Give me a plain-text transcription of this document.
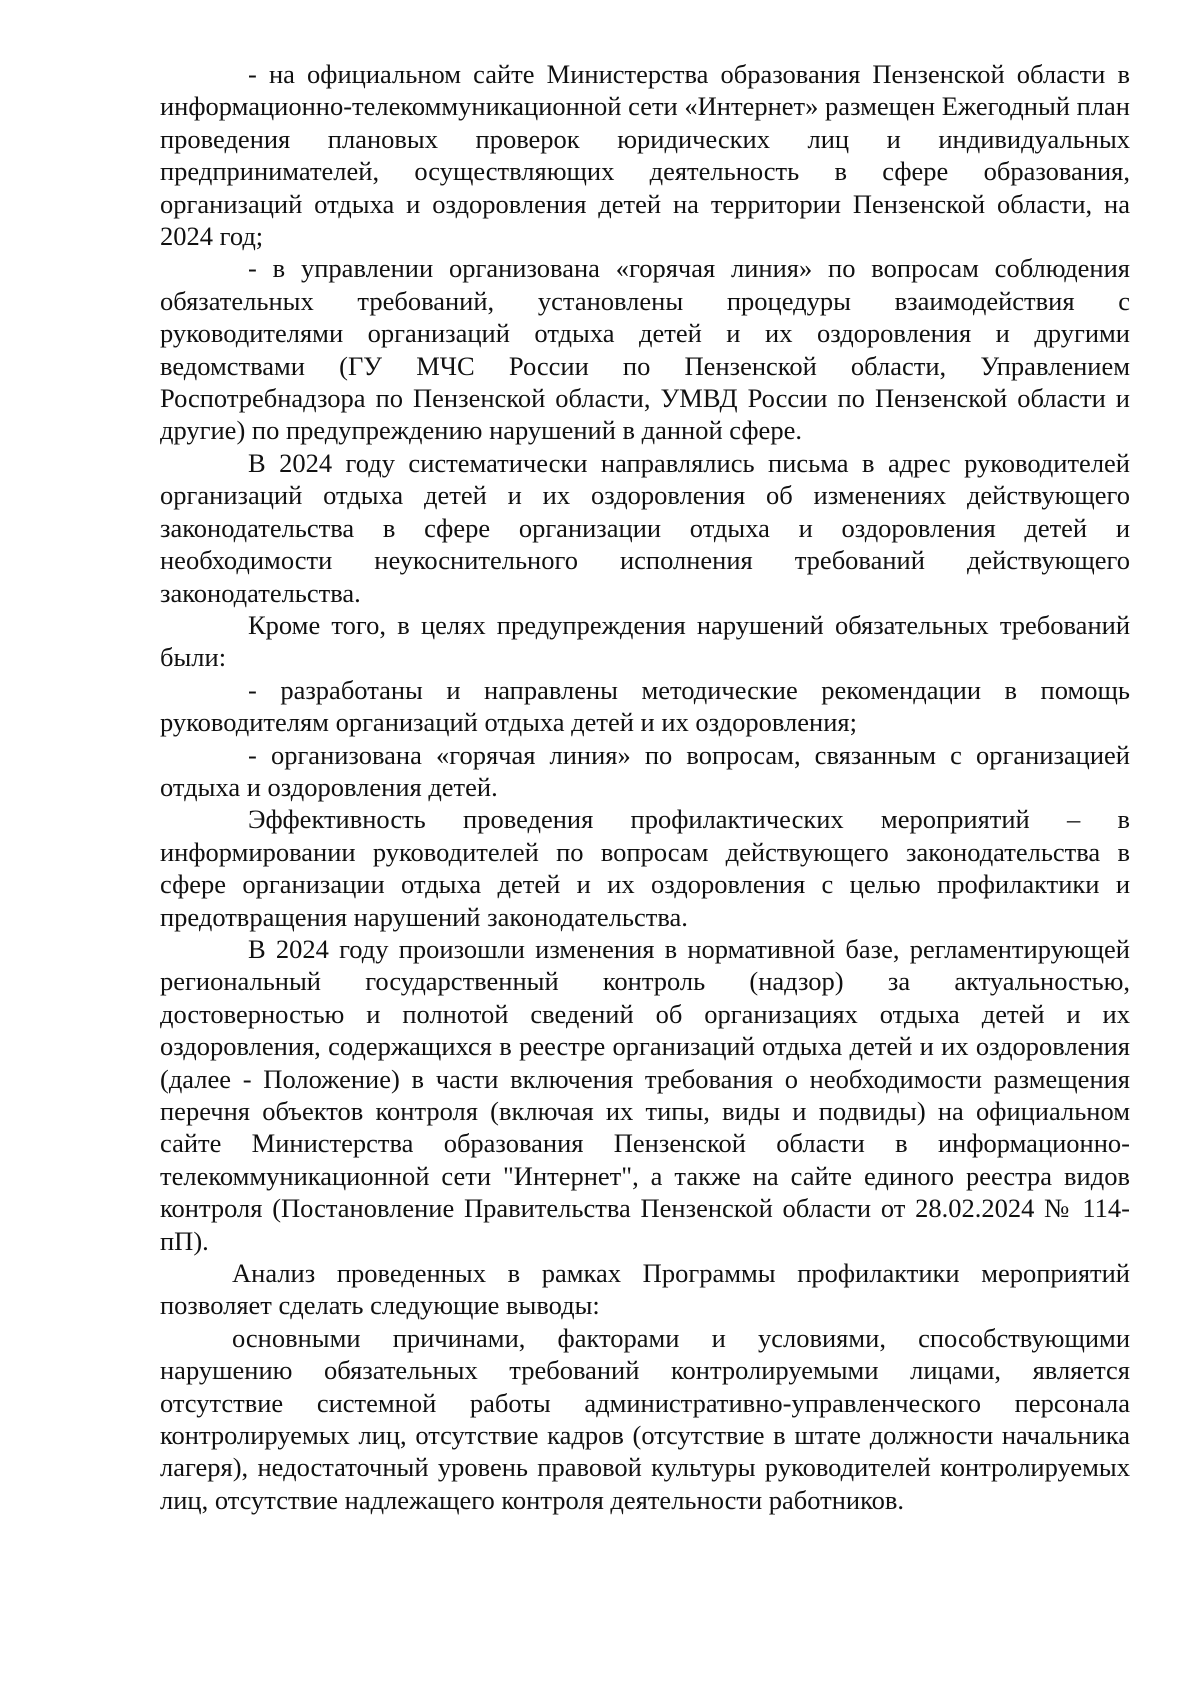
- на официальном сайте Министерства образования Пензенской области в информационно-телекоммуникационной сети «Интернет» размещен Ежегодный план проведения плановых проверок юридических лиц и индивидуальных предпринимателей, осуществляющих деятельность в сфере образования, организаций отдыха и оздоровления детей на территории Пензенской области, на 2024 год;

- в управлении организована «горячая линия» по вопросам соблюдения обязательных требований, установлены процедуры взаимодействия с руководителями организаций отдыха детей и их оздоровления и другими ведомствами (ГУ МЧС России по Пензенской области, Управлением Роспотребнадзора по Пензенской области, УМВД России по Пензенской области и другие) по предупреждению нарушений в данной сфере.

В 2024 году систематически направлялись письма в адрес руководителей организаций отдыха детей и их оздоровления об изменениях действующего законодательства в сфере организации отдыха и оздоровления детей и необходимости неукоснительного исполнения требований действующего законодательства.

Кроме того, в целях предупреждения нарушений обязательных требований были:

- разработаны и направлены методические рекомендации в помощь руководителям организаций отдыха детей и их оздоровления;

- организована «горячая линия» по вопросам, связанным с организацией отдыха и оздоровления детей.

Эффективность проведения профилактических мероприятий – в информировании руководителей по вопросам действующего законодательства в сфере организации отдыха детей и их оздоровления с целью профилактики и предотвращения нарушений законодательства.

В 2024 году произошли изменения в нормативной базе, регламентирующей региональный государственный контроль (надзор) за актуальностью, достоверностью и полнотой сведений об организациях отдыха детей и их оздоровления, содержащихся в реестре организаций отдыха детей и их оздоровления (далее - Положение) в части включения требования о необходимости размещения перечня объектов контроля (включая их типы, виды и подвиды) на официальном сайте Министерства образования Пензенской области в информационно-телекоммуникационной сети "Интернет", а также на сайте единого реестра видов контроля (Постановление Правительства Пензенской области от 28.02.2024 № 114-пП).

Анализ проведенных в рамках Программы профилактики мероприятий позволяет сделать следующие выводы:

основными причинами, факторами и условиями, способствующими нарушению обязательных требований контролируемыми лицами, является отсутствие системной работы административно-управленческого персонала контролируемых лиц, отсутствие кадров (отсутствие в штате должности начальника лагеря), недостаточный уровень правовой культуры руководителей контролируемых лиц, отсутствие надлежащего контроля деятельности работников.
